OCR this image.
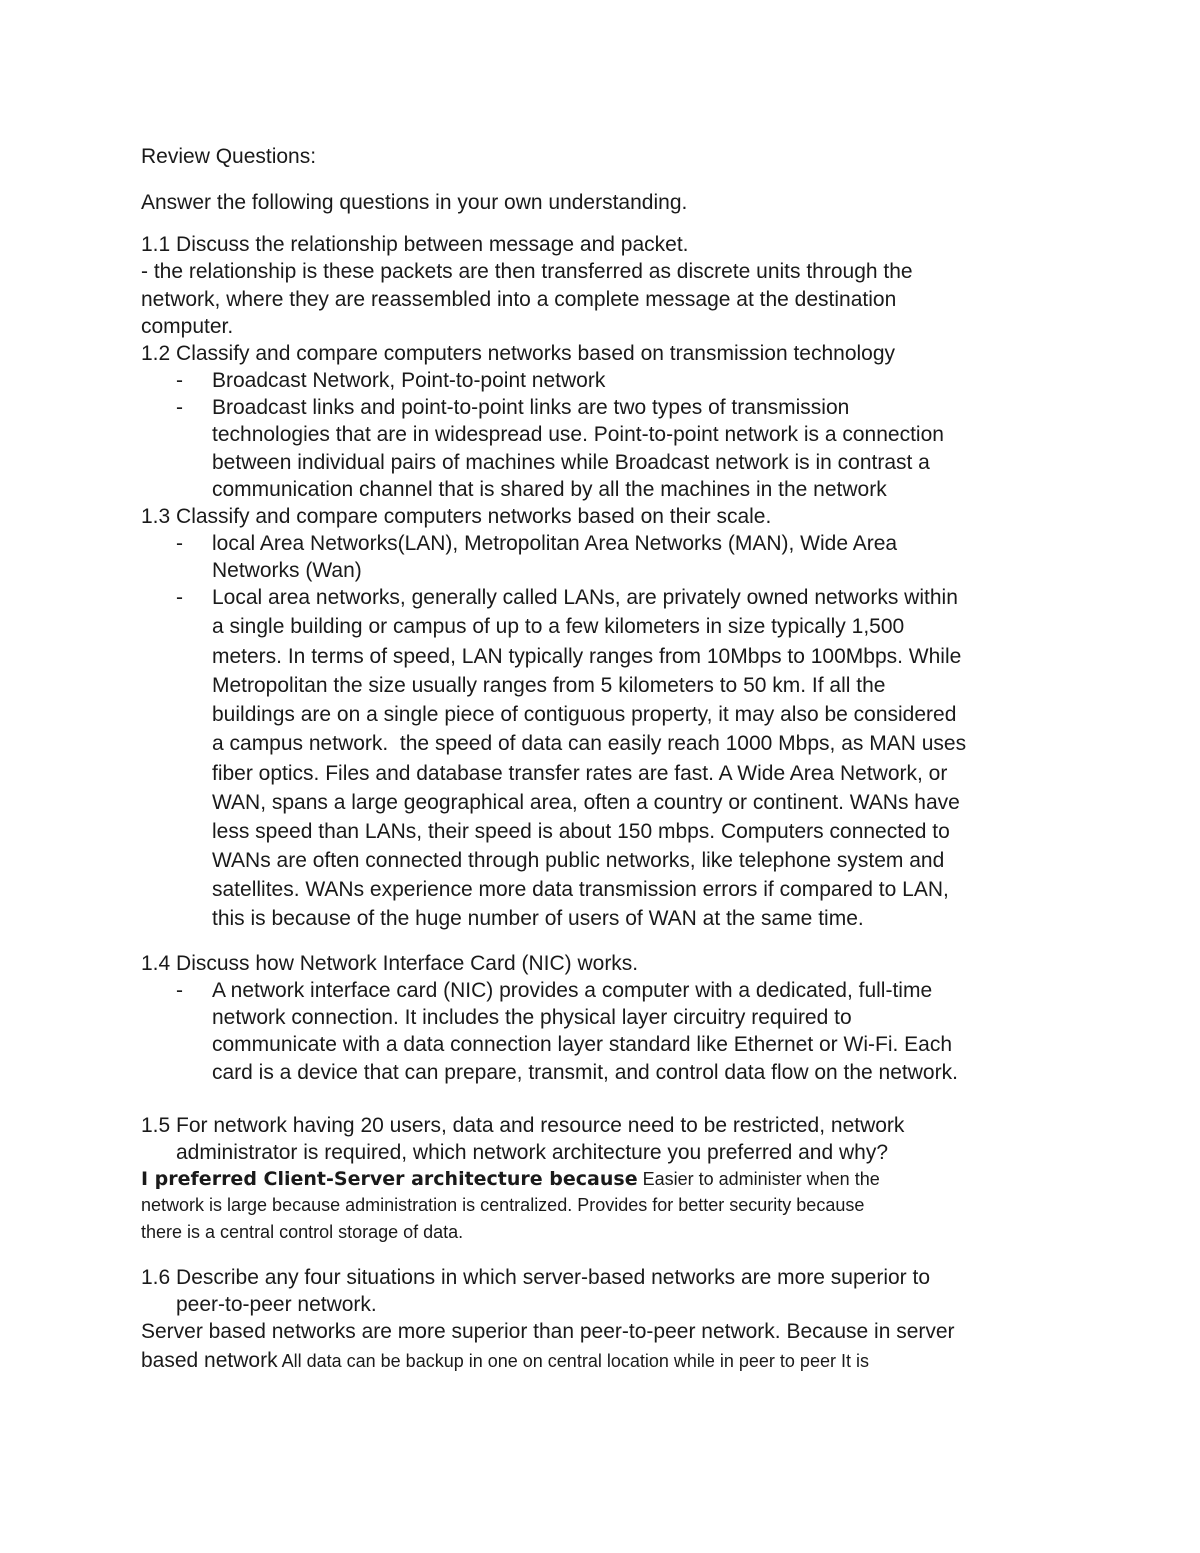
Review Questions:
Answer the following questions in your own understanding.
1.1 Discuss the relationship between message and packet.
- the relationship is these packets are then transferred as discrete units through the
network, where they are reassembled into a complete message at the destination
computer.
1.2 Classify and compare computers networks based on transmission technology
- Broadcast Network, Point-to-point network
- Broadcast links and point-to-point links are two types of transmission
technologies that are in widespread use. Point-to-point network is a connection
between individual pairs of machines while Broadcast network is in contrast a
communication channel that is shared by all the machines in the network
1.3 Classify and compare computers networks based on their scale.
- local Area Networks(LAN), Metropolitan Area Networks (MAN), Wide Area
Networks (Wan)
- Local area networks, generally called LANs, are privately owned networks within
a single building or campus of up to a few kilometers in size typically 1,500
meters. In terms of speed, LAN typically ranges from 10Mbps to 100Mbps. While
Metropolitan the size usually ranges from 5 kilometers to 50 km. If all the
buildings are on a single piece of contiguous property, it may also be considered
a campus network.  the speed of data can easily reach 1000 Mbps, as MAN uses
fiber optics. Files and database transfer rates are fast. A Wide Area Network, or
WAN, spans a large geographical area, often a country or continent. WANs have
less speed than LANs, their speed is about 150 mbps. Computers connected to
WANs are often connected through public networks, like telephone system and
satellites. WANs experience more data transmission errors if compared to LAN,
this is because of the huge number of users of WAN at the same time.
1.4 Discuss how Network Interface Card (NIC) works.
- A network interface card (NIC) provides a computer with a dedicated, full-time
network connection. It includes the physical layer circuitry required to
communicate with a data connection layer standard like Ethernet or Wi-Fi. Each
card is a device that can prepare, transmit, and control data flow on the network.
1.5 For network having 20 users, data and resource need to be restricted, network
administrator is required, which network architecture you preferred and why?
I preferred Client-Server architecture because Easier to administer when the
network is large because administration is centralized. Provides for better security because
there is a central control storage of data.
1.6 Describe any four situations in which server-based networks are more superior to
peer-to-peer network.
Server based networks are more superior than peer-to-peer network. Because in server
based network All data can be backup in one on central location while in peer to peer It is
